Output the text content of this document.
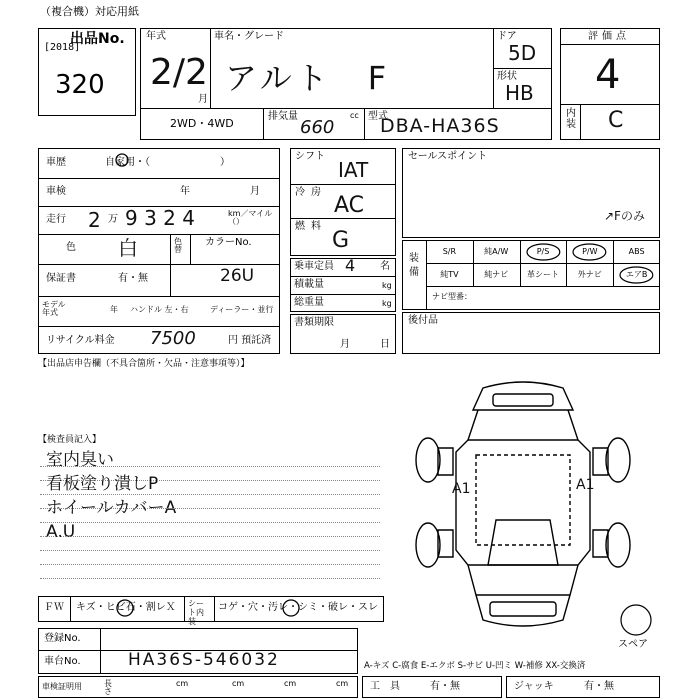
（複合機）対応用紙
出品No.
[2018]
320
年式
2/2
月
車名・グレード
アルト　F
ドア
5D
形状
HB
2WD・4WD
排気量
660
cc 型式
DBA-HA36S
評価点
4
内装 C
車歴	自家用・（　　　　　　　）
車検	年	月
走行 2 万 9 3 2 4	km／マイル（）
色 白	色替
カラーNo.
26U
保証書	有・無
モデル年式	年 ハンドル 左・右	ディーラー・並行
リサイクル料金 7500	円 預託済
シフト
IAT
冷房
AC
燃料
G
乗車定員 4 名
積載量	kg
総重量	kg
書類期限
月	日
セールスポイント
↗Fのみ
装備
S/R	純A/W	P/S	P/W	ABS
純TV	純ナビ	革シート	外ナビ	エアB
ナビ型番：
後付品
【出品店申告欄（不具合箇所・欠品・注意事項等）】
【検査員記入】
室内臭い
看板塗り潰しP
ホイールカバーA
A.U
A1	A1
スペア
ＦＷ キズ・ヒビ石・割レＸ シート内装
コゲ・穴・汚レ・シミ・破レ・スレ
登録No.
車台No.	HA36S-546032
車検証明用	長さ
cm	cm	cm	cm
A-キズ C-腐食 E-エクボ S-サビ U-凹ミ W-補修 XX-交換済
工　具	有・無	ジャッキ	有・無
